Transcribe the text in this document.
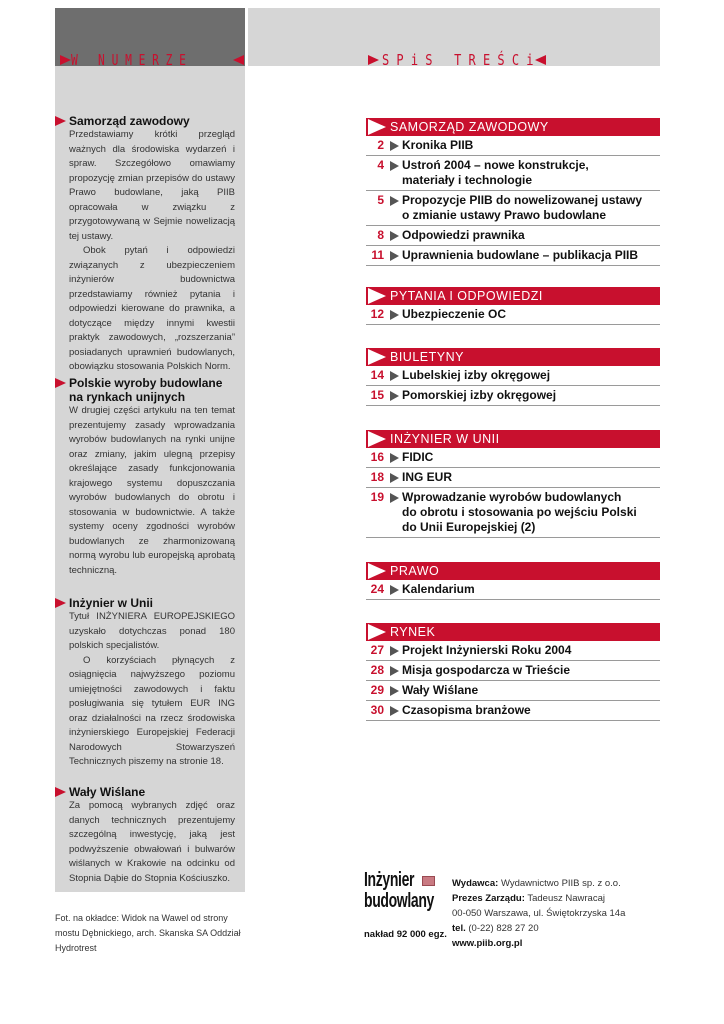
W NUMERZE
Samorząd zawodowy

Przedstawiamy krótki przegląd ważnych dla środowiska wydarzeń i spraw. Szczegółowo omawiamy propozycję zmian przepisów do ustawy Prawo budowlane, jaką PIIB opracowała w związku z przygotowywaną w Sejmie nowelizacją tej ustawy.

Obok pytań i odpowiedzi związanych z ubezpieczeniem inżynierów budownictwa przedstawiamy również pytania i odpowiedzi kierowane do prawnika, a dotyczące między innymi kwestii praktyk zawodowych, „rozszerzania” posiadanych uprawnień budowlanych, obowiązku stosowania Polskich Norm.

Polskie wyroby budowlane na rynkach unijnych

W drugiej części artykułu na ten temat prezentujemy zasady wprowadzania wyrobów budowlanych na rynki unijne oraz zmiany, jakim ulegną przepisy określające zasady funkcjonowania krajowego systemu dopuszczania wyrobów budowlanych do obrotu i stosowania w budownictwie. A także systemy oceny zgodności wyrobów budowlanych ze zharmonizowaną normą wyrobu lub europejską aprobatą techniczną.

Inżynier w Unii

Tytuł INŻYNIERA EUROPEJSKIEGO uzyskało dotychczas ponad 180 polskich specjalistów.

O korzyściach płynących z osiągnięcia najwyższego poziomu umiejętności zawodowych i faktu posługiwania się tytułem EUR ING oraz działalności na rzecz środowiska inżynierskiego Europejskiej Federacji Narodowych Stowarzyszeń Technicznych piszemy na stronie 18.

Wały Wiślane

Za pomocą wybranych zdjęć oraz danych technicznych prezentujemy szczególną inwestycję, jaką jest podwyższenie obwałowań i bulwarów wiślanych w Krakowie na odcinku od Stopnia Dąbie do Stopnia Kościuszko.

Fot. na okładce: Widok na Wawel od strony mostu Dębnickiego, arch. Skanska SA Oddział Hydrotrest
SPiS TREŚCi
SAMORZĄD ZAWODOWY
2 Kronika PIIB
4 Ustroń 2004 – nowe konstrukcje,
materiały i technologie
5 Propozycje PIIB do nowelizowanej ustawy
o zmianie ustawy Prawo budowlane
8 Odpowiedzi prawnika
11 Uprawnienia budowlane – publikacja PIIB
PYTANIA I ODPOWIEDZI
12 Ubezpieczenie OC
BIULETYNY
14 Lubelskiej izby okręgowej
15 Pomorskiej izby okręgowej
INŻYNIER W UNII
16 FIDIC
18 ING EUR
19 Wprowadzanie wyrobów budowlanych
do obrotu i stosowania po wejściu Polski
do Unii Europejskiej (2)
PRAWO
24 Kalendarium
RYNEK
27 Projekt Inżynierski Roku 2004
28 Misja gospodarcza w Trieście
29 Wały Wiślane
30 Czasopisma branżowe
Inżynier
budowlany
nakład 92 000 egz.
Wydawca: Wydawnictwo PIIB sp. z o.o.
Prezes Zarządu: Tadeusz Nawracaj
00-050 Warszawa, ul. Świętokrzyska 14a
tel. (0-22) 828 27 20
www.piib.org.pl
